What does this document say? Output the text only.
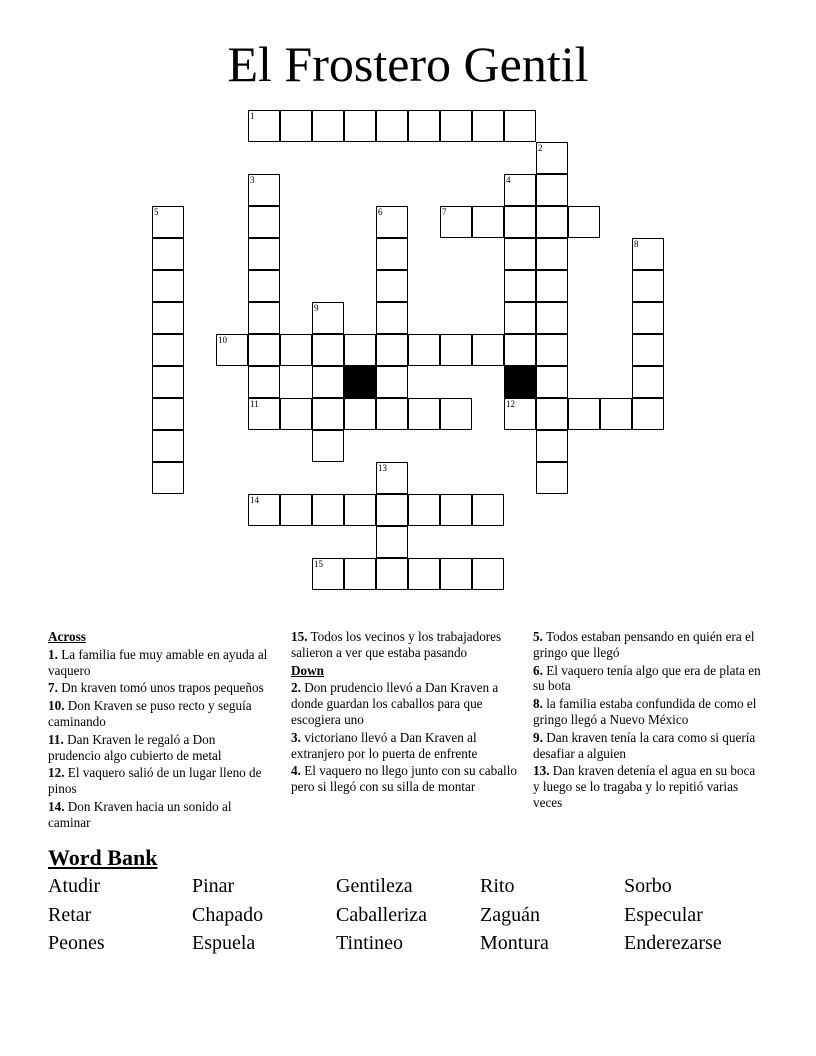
El Frostero Gentil
1
2
3	4
5	6	7
8
9
10
11	12
13
14
15
Across
1. La familia fue muy amable en ayuda al vaquero
7. Dn kraven tomó unos trapos pequeños
10. Don Kraven se puso recto y seguía caminando
11. Dan Kraven le regaló a Don prudencio algo cubierto de metal
12. El vaquero salió de un lugar lleno de pinos
14. Don Kraven hacia un sonido al caminar
15. Todos los vecinos y los trabajadores salieron a ver que estaba pasando
Down
2. Don prudencio llevó a Dan Kraven a donde guardan los caballos para que escogiera uno
3. victoriano llevó a Dan Kraven al extranjero por lo puerta de enfrente
4. El vaquero no llego junto con su caballo pero si llegó con su silla de montar
5. Todos estaban pensando en quién era el gringo que llegó
6. El vaquero tenía algo que era de plata en su bota
8. la familia estaba confundida de como el gringo llegó a Nuevo México
9. Dan kraven tenía la cara como si quería desafiar a alguien
13. Dan kraven detenía el agua en su boca y luego se lo tragaba y lo repitió varias veces
Word Bank
Atudir	Pinar	Gentileza	Rito	Sorbo
Retar	Chapado	Caballeriza	Zaguán	Especular
Peones	Espuela	Tintineo	Montura	Enderezarse
